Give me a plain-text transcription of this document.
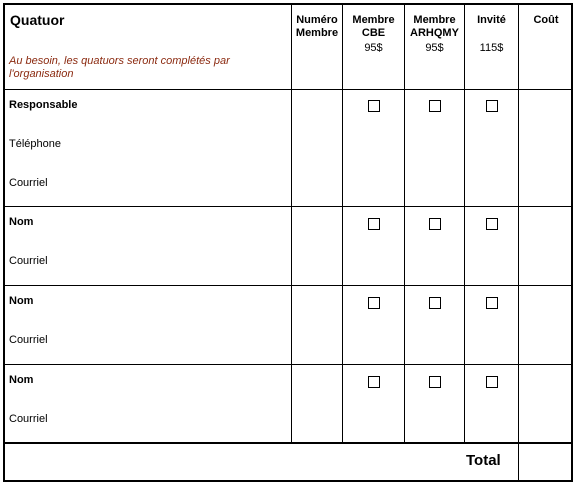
Quatuor
Au besoin, les quatuors seront complétés par
l'organisation
Numéro
Membre
Membre
CBE
95$
Membre
ARHQMY
95$
Invité
115$
Coût
Responsable
Téléphone
Courriel
Nom
Courriel
Nom
Courriel
Nom
Courriel
Total
